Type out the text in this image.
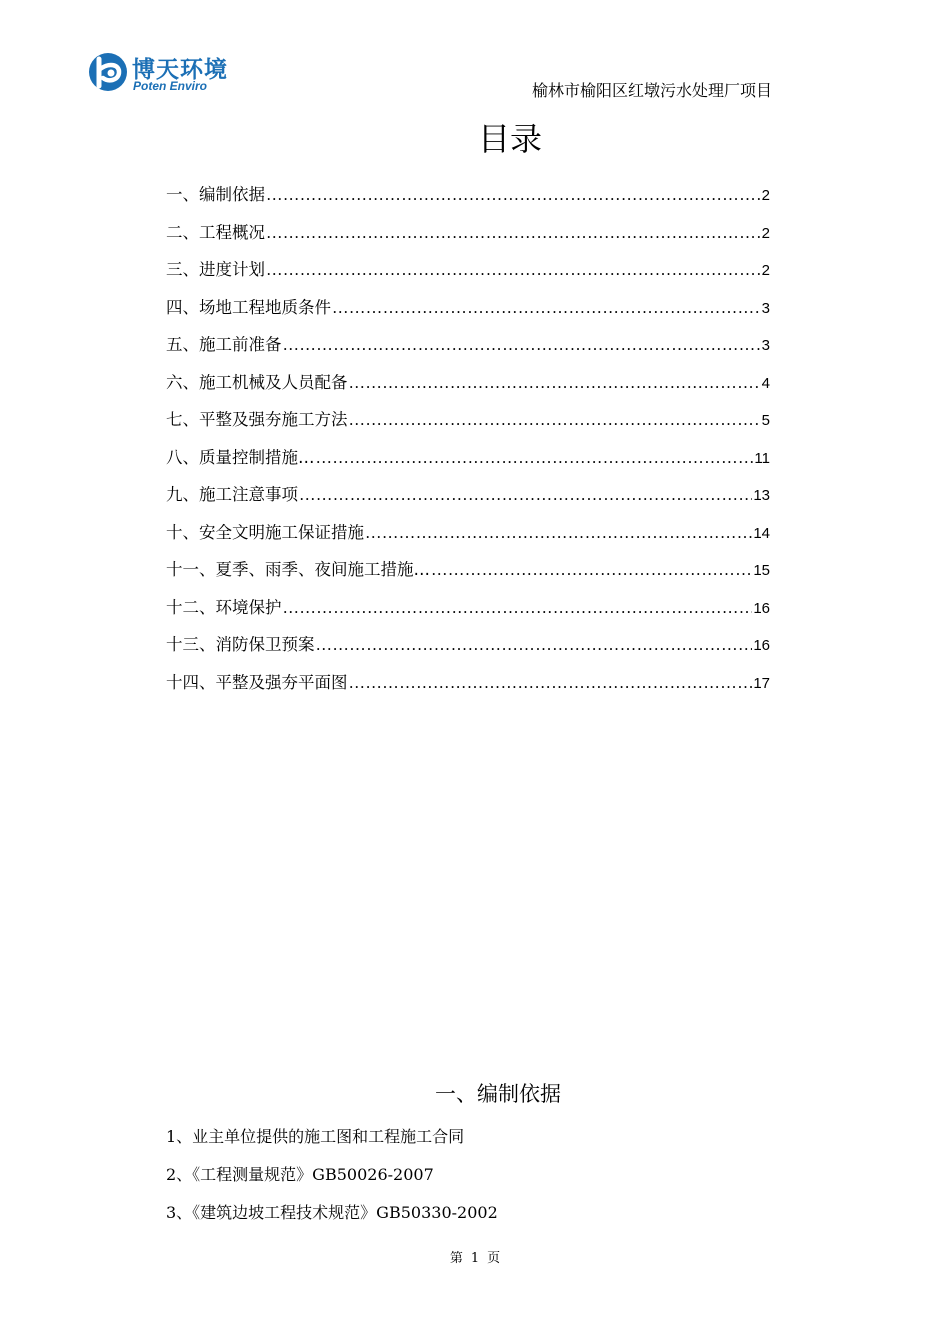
博天环境
Poten Enviro	榆林市榆阳区红墩污水处理厂项目
目录
一、编制依据 ………………………………………………………………………………………………………………………………………	2
二、工程概况 ………………………………………………………………………………………………………………………………………	2
三、进度计划 ………………………………………………………………………………………………………………………………………	2
四、场地工程地质条件 ………………………………………………………………………………………………………………………………………	3
五、施工前准备 ………………………………………………………………………………………………………………………………………	3
六、施工机械及人员配备 ………………………………………………………………………………………………………………………………………	4
七、平整及强夯施工方法 ………………………………………………………………………………………………………………………………………	5
八、质量控制措施… ………………………………………………………………………………………………………………………………………	11
九、施工注意事项 ………………………………………………………………………………………………………………………………………	13
十、安全文明施工保证措施 ………………………………………………………………………………………………………………………………………	14
十一、夏季、雨季、夜间施工措施… ………………………………………………………………………………………………………………………………………	15
十二、环境保护 ………………………………………………………………………………………………………………………………………	16
十三、消防保卫预案 ………………………………………………………………………………………………………………………………………	16
十四、平整及强夯平面图 ………………………………………………………………………………………………………………………………………	17
一、编制依据
1、业主单位提供的施工图和工程施工合同
2、《工程测量规范》GB50026-2007
3、《建筑边坡工程技术规范》GB50330-2002
第 1 页
